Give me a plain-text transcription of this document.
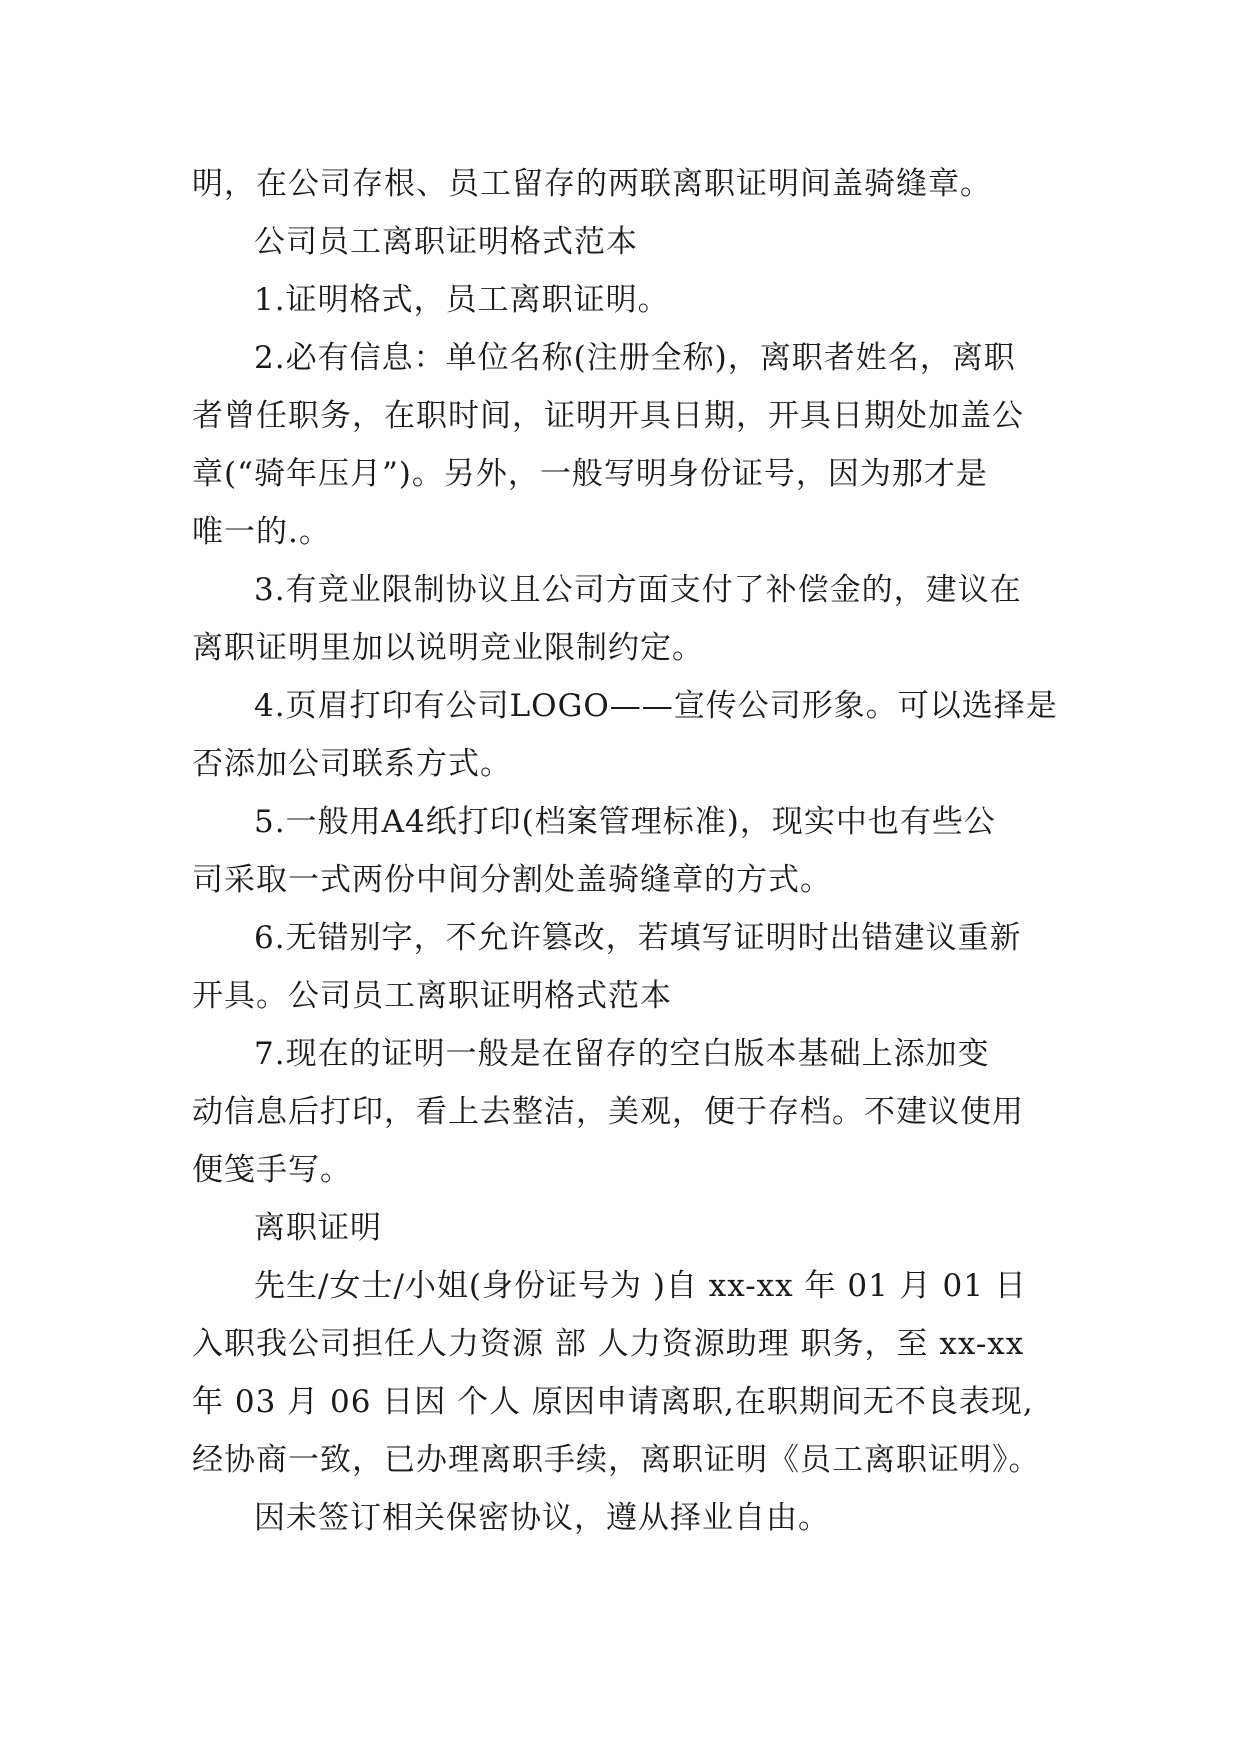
明，在公司存根、员工留存的两联离职证明间盖骑缝章。
公司员工离职证明格式范本
1.证明格式，员工离职证明。
2.必有信息：单位名称(注册全称)，离职者姓名，离职
者曾任职务，在职时间，证明开具日期，开具日期处加盖公
章(“骑年压月”)。另外，一般写明身份证号，因为那才是
唯一的.。
3.有竞业限制协议且公司方面支付了补偿金的，建议在
离职证明里加以说明竞业限制约定。
4.页眉打印有公司LOGO——宣传公司形象。可以选择是
否添加公司联系方式。
5.一般用A4纸打印(档案管理标准)，现实中也有些公
司采取一式两份中间分割处盖骑缝章的方式。
6.无错别字，不允许篡改，若填写证明时出错建议重新
开具。公司员工离职证明格式范本
7.现在的证明一般是在留存的空白版本基础上添加变
动信息后打印，看上去整洁，美观，便于存档。不建议使用
便笺手写。
离职证明
先生/女士/小姐(身份证号为 )自 xx-xx 年 01 月 01 日
入职我公司担任人力资源 部 人力资源助理 职务，至 xx-xx
年 03 月 06 日因 个人 原因申请离职,在职期间无不良表现,
经协商一致，已办理离职手续，离职证明《员工离职证明》。
因未签订相关保密协议，遵从择业自由。
